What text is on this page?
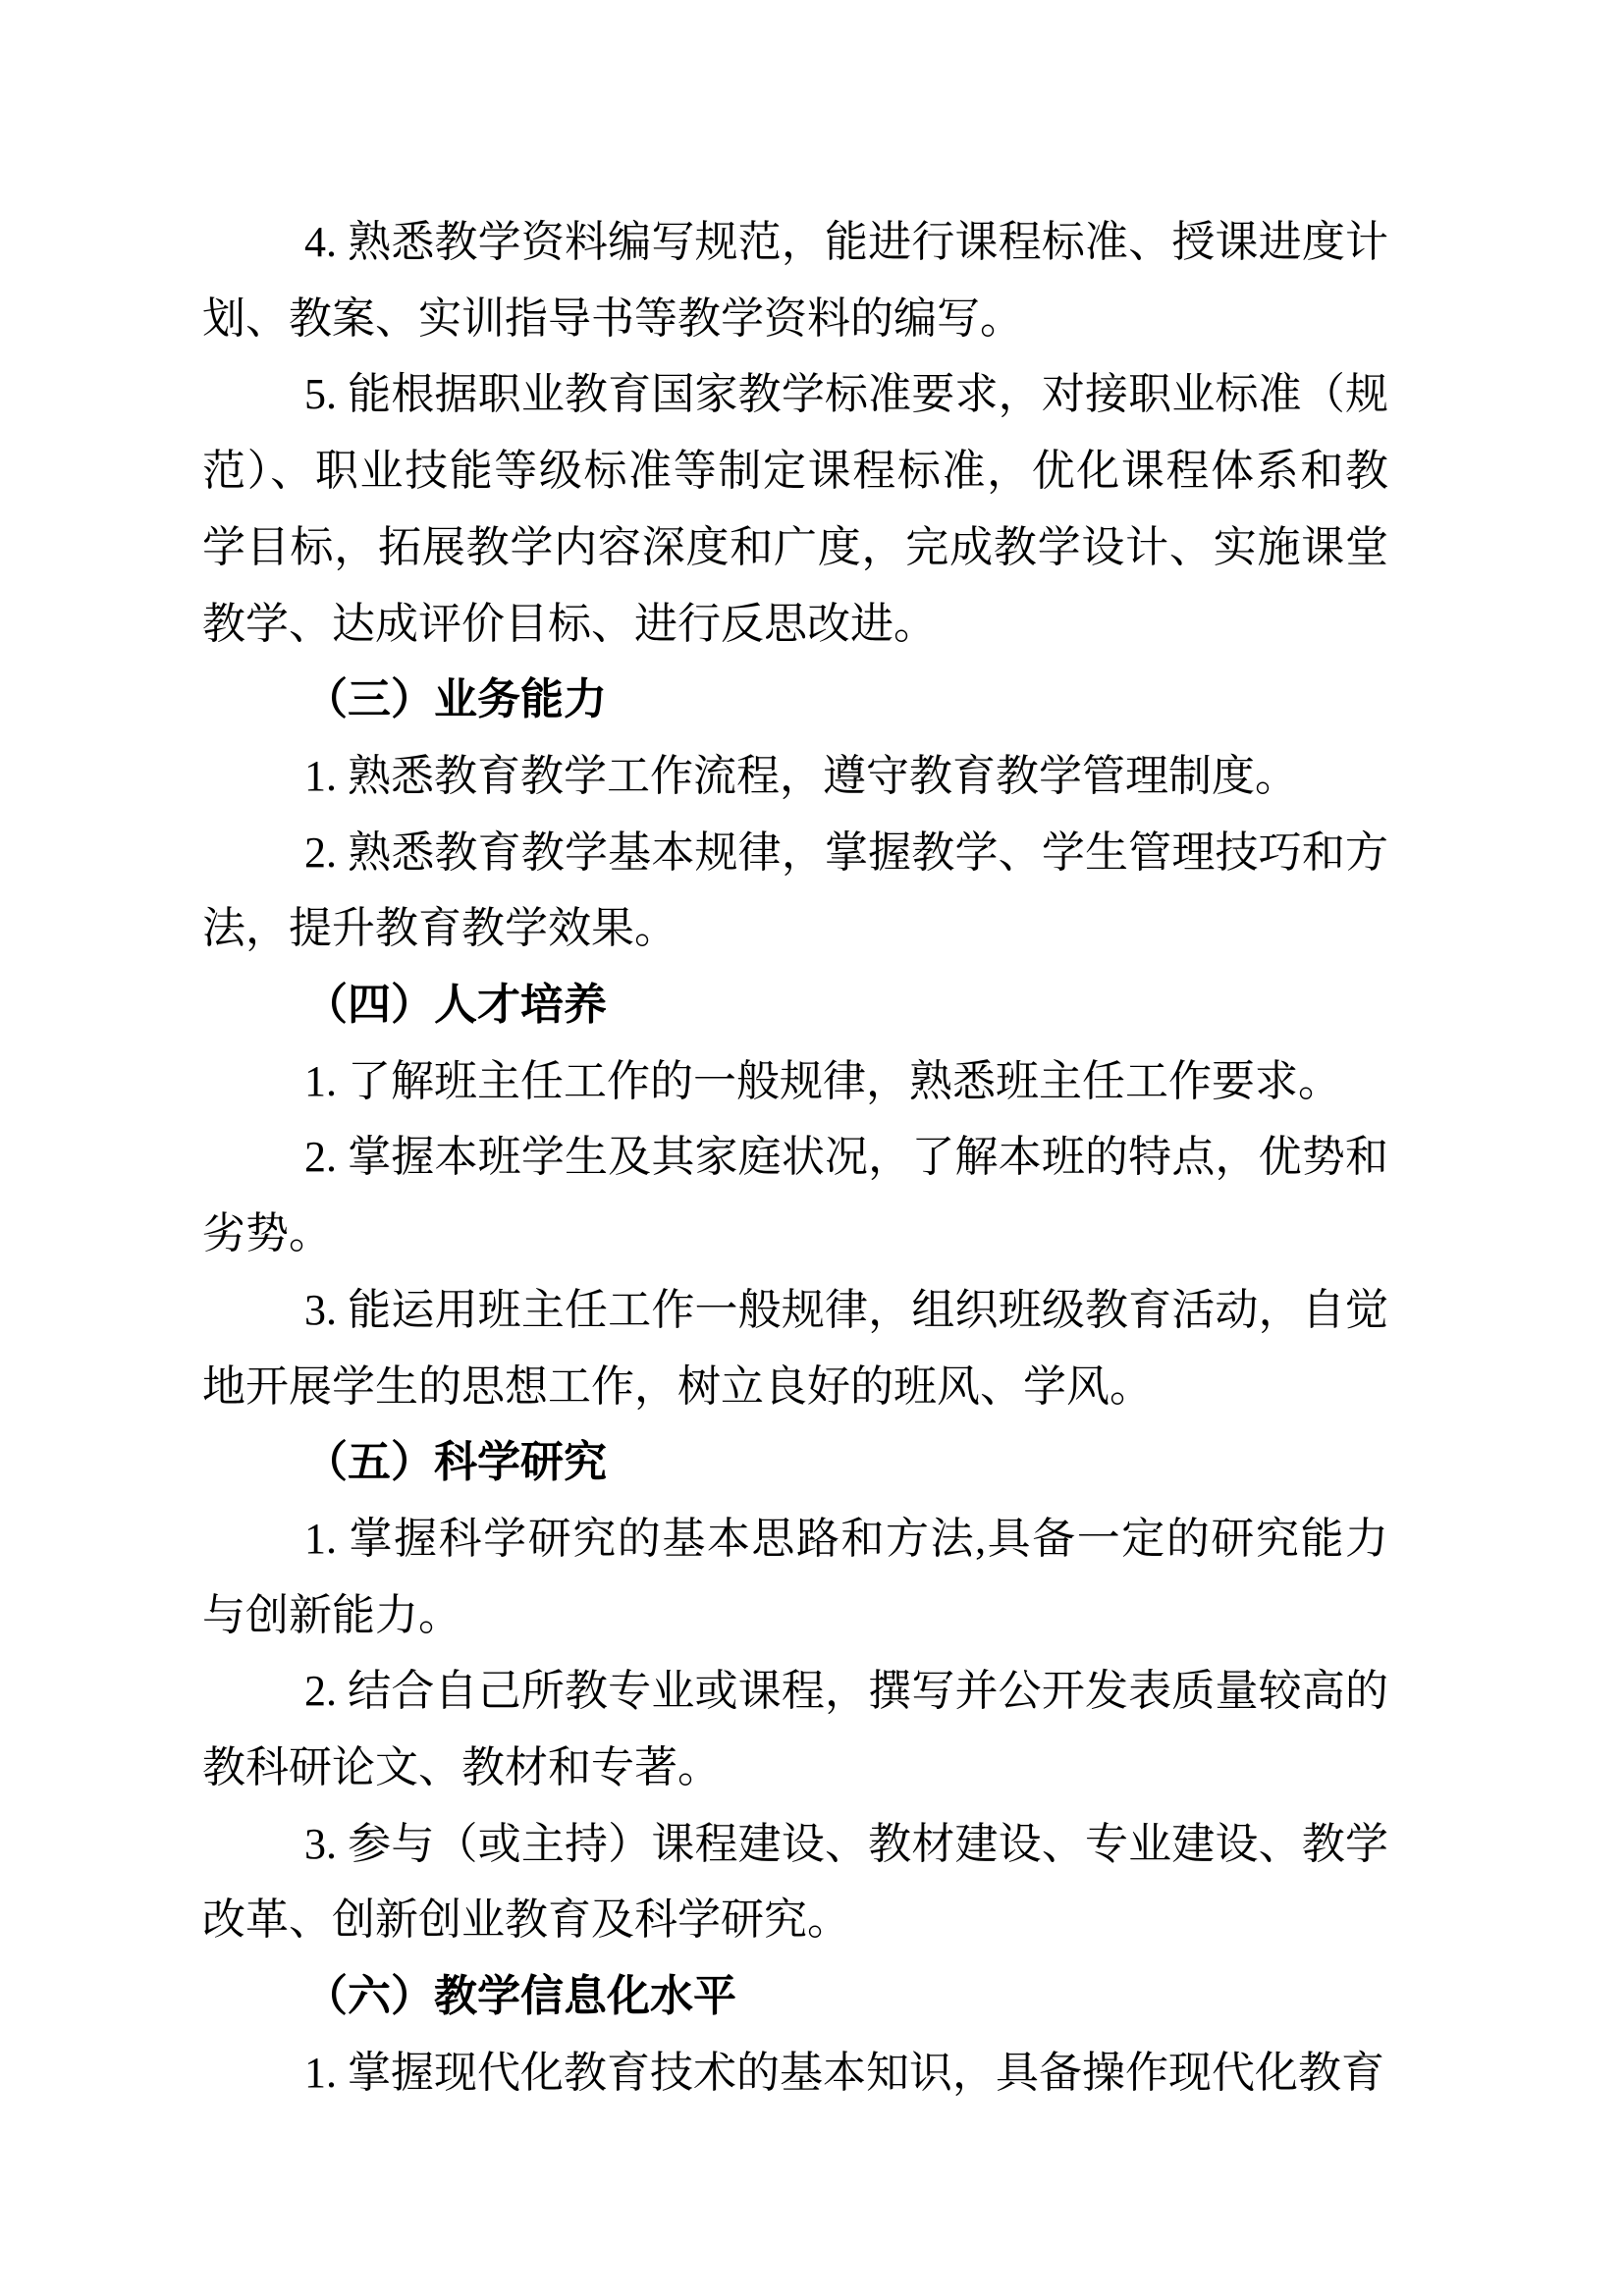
4. 熟悉教学资料编写规范，能进行课程标准、授课进度计划、教案、实训指导书等教学资料的编写。

5. 能根据职业教育国家教学标准要求，对接职业标准（规范）、职业技能等级标准等制定课程标准，优化课程体系和教学目标，拓展教学内容深度和广度，完成教学设计、实施课堂教学、达成评价目标、进行反思改进。

（三）业务能力

1. 熟悉教育教学工作流程，遵守教育教学管理制度。

2. 熟悉教育教学基本规律，掌握教学、学生管理技巧和方法，提升教育教学效果。

（四）人才培养

1. 了解班主任工作的一般规律，熟悉班主任工作要求。

2. 掌握本班学生及其家庭状况，了解本班的特点，优势和劣势。

3. 能运用班主任工作一般规律，组织班级教育活动，自觉地开展学生的思想工作，树立良好的班风、学风。

（五）科学研究

1. 掌握科学研究的基本思路和方法,具备一定的研究能力与创新能力。

2. 结合自己所教专业或课程，撰写并公开发表质量较高的教科研论文、教材和专著。

3. 参与（或主持）课程建设、教材建设、专业建设、教学改革、创新创业教育及科学研究。

（六）教学信息化水平

1. 掌握现代化教育技术的基本知识，具备操作现代化教育
